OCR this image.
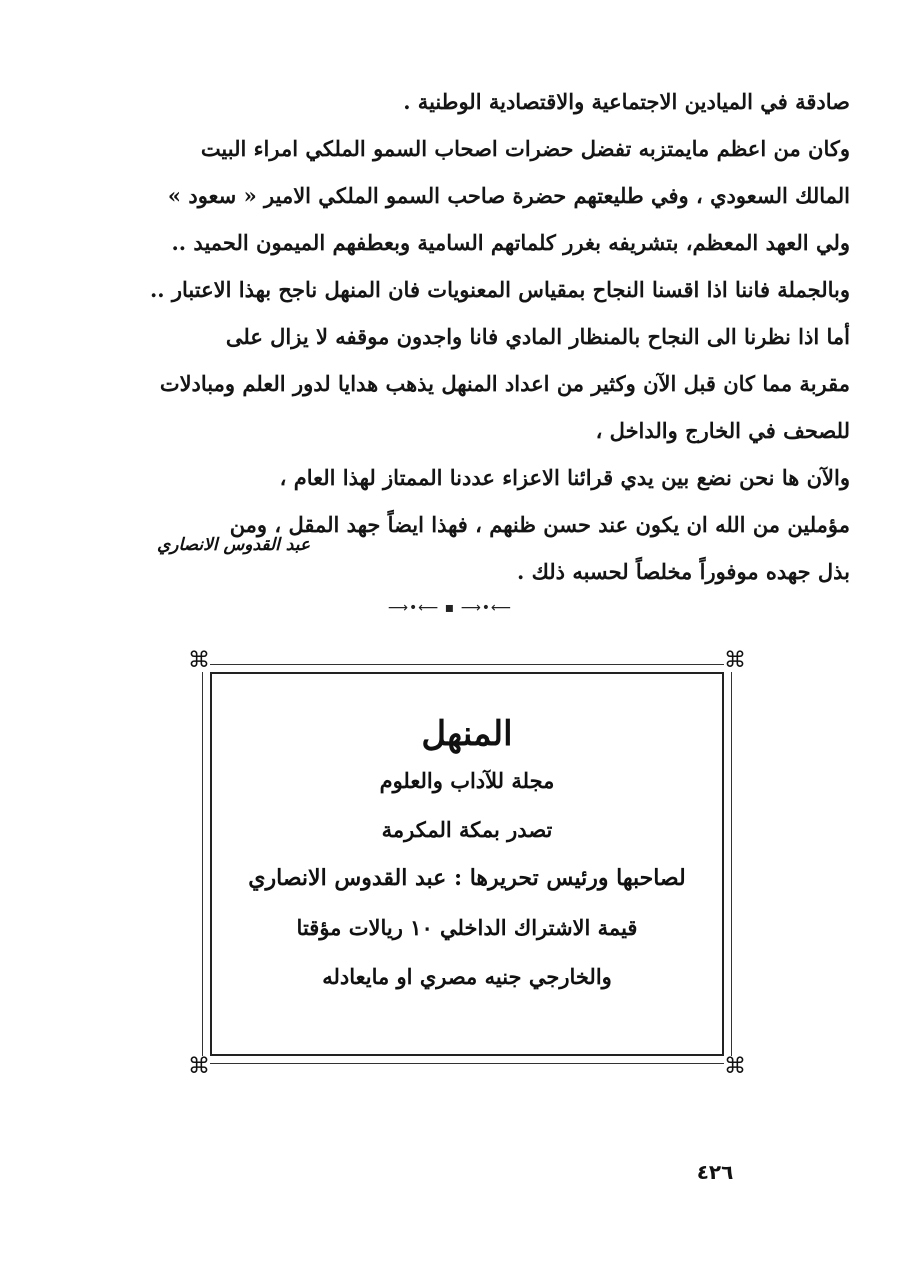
صادقة في الميادين الاجتماعية والاقتصادية الوطنية .
وكان من اعظم مايمتزبه تفضل حضرات اصحاب السمو الملكي امراء البيت
المالك السعودي ، وفي طليعتهم حضرة صاحب السمو الملكي الامير « سعود »
ولي العهد المعظم، بتشريفه بغرر كلماتهم السامية وبعطفهم الميمون الحميد ..
وبالجملة فاننا اذا اقسنا النجاح بمقياس المعنويات فان المنهل ناجح بهذا الاعتبار ..
أما اذا نظرنا الى النجاح بالمنظار المادي فانا واجدون موقفه لا يزال على
مقربة مما كان قبل الآن وكثير من اعداد المنهل يذهب هدايا لدور العلم ومبادلات
للصحف في الخارج والداخل ،
والآن ها نحن نضع بين يدي قرائنا الاعزاء عددنا الممتاز لهذا العام ،
مؤملين من الله ان يكون عند حسن ظنهم ، فهذا ايضاً جهد المقل ، ومن
بذل جهده موفوراً مخلصاً لحسبه ذلك .
عبد القدوس الانصاري
⟶•⟵ ▪ ⟶•⟵
⌘	⌘
⌘	⌘
المنهل
مجلة للآداب والعلوم
تصدر بمكة المكرمة
لصاحبها ورئيس تحريرها : عبد القدوس الانصاري
قيمة الاشتراك الداخلي ١٠ ريالات مؤقتا
والخارجي جنيه مصري او مايعادله
٤٢٦
